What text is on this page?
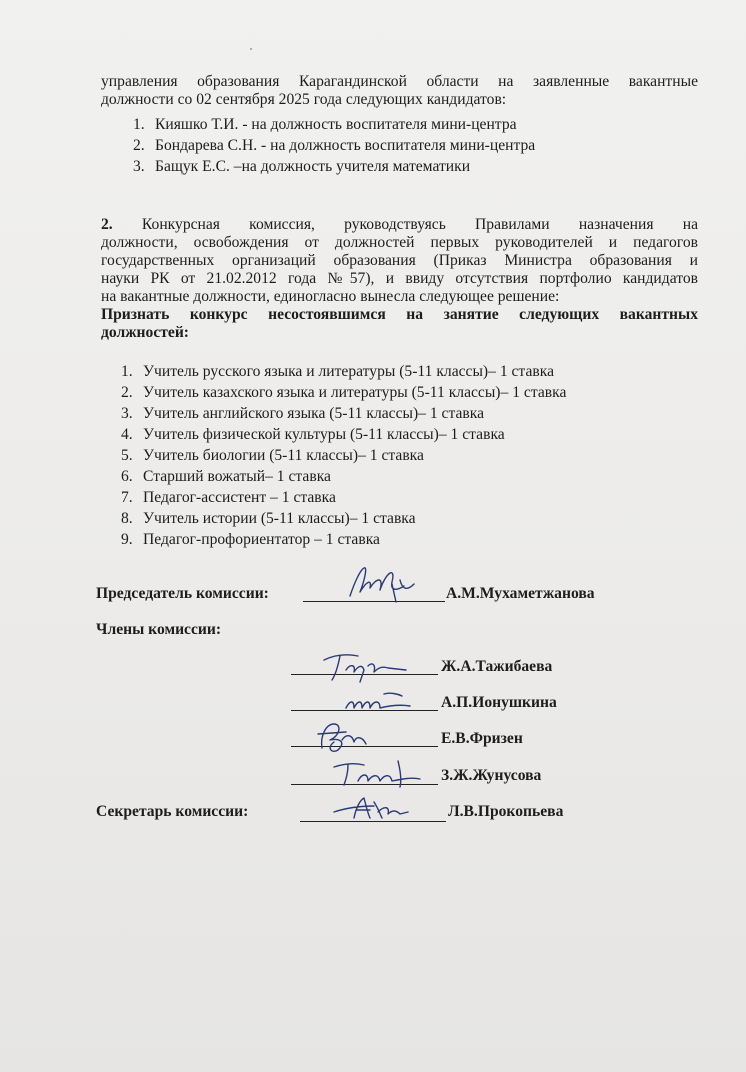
управления образования Карагандинской области на заявленные вакантные
должности со 02 сентября 2025 года следующих кандидатов:
1. Кияшко Т.И. - на должность воспитателя мини-центра
2. Бондарева С.Н. - на должность воспитателя мини-центра
3. Бащук Е.С. –на должность учителя математики
2. Конкурсная комиссия, руководствуясь Правилами назначения на
должности, освобождения от должностей первых руководителей и педагогов
государственных организаций образования (Приказ Министра образования и
науки РК от 21.02.2012 года №57), и ввиду отсутствия портфолио кандидатов
на вакантные должности, единогласно вынесла следующее решение:
Признать конкурс несостоявшимся на занятие следующих вакантных
должностей:
1. Учитель русского языка и литературы (5-11 классы)– 1 ставка
2. Учитель казахского языка и литературы (5-11 классы)– 1 ставка
3. Учитель английского языка (5-11 классы)– 1 ставка
4. Учитель физической культуры (5-11 классы)– 1 ставка
5. Учитель биологии (5-11 классы)– 1 ставка
6. Старший вожатый– 1 ставка
7. Педагог-ассистент – 1 ставка
8. Учитель истории (5-11 классы)– 1 ставка
9. Педагог-профориентатор – 1 ставка
Председатель комиссии:	А.М.Мухаметжанова
Члены комиссии:
Ж.А.Тажибаева
А.П.Ионушкина
Е.В.Фризен
З.Ж.Жунусова
Секретарь комиссии:	Л.В.Прокопьева
